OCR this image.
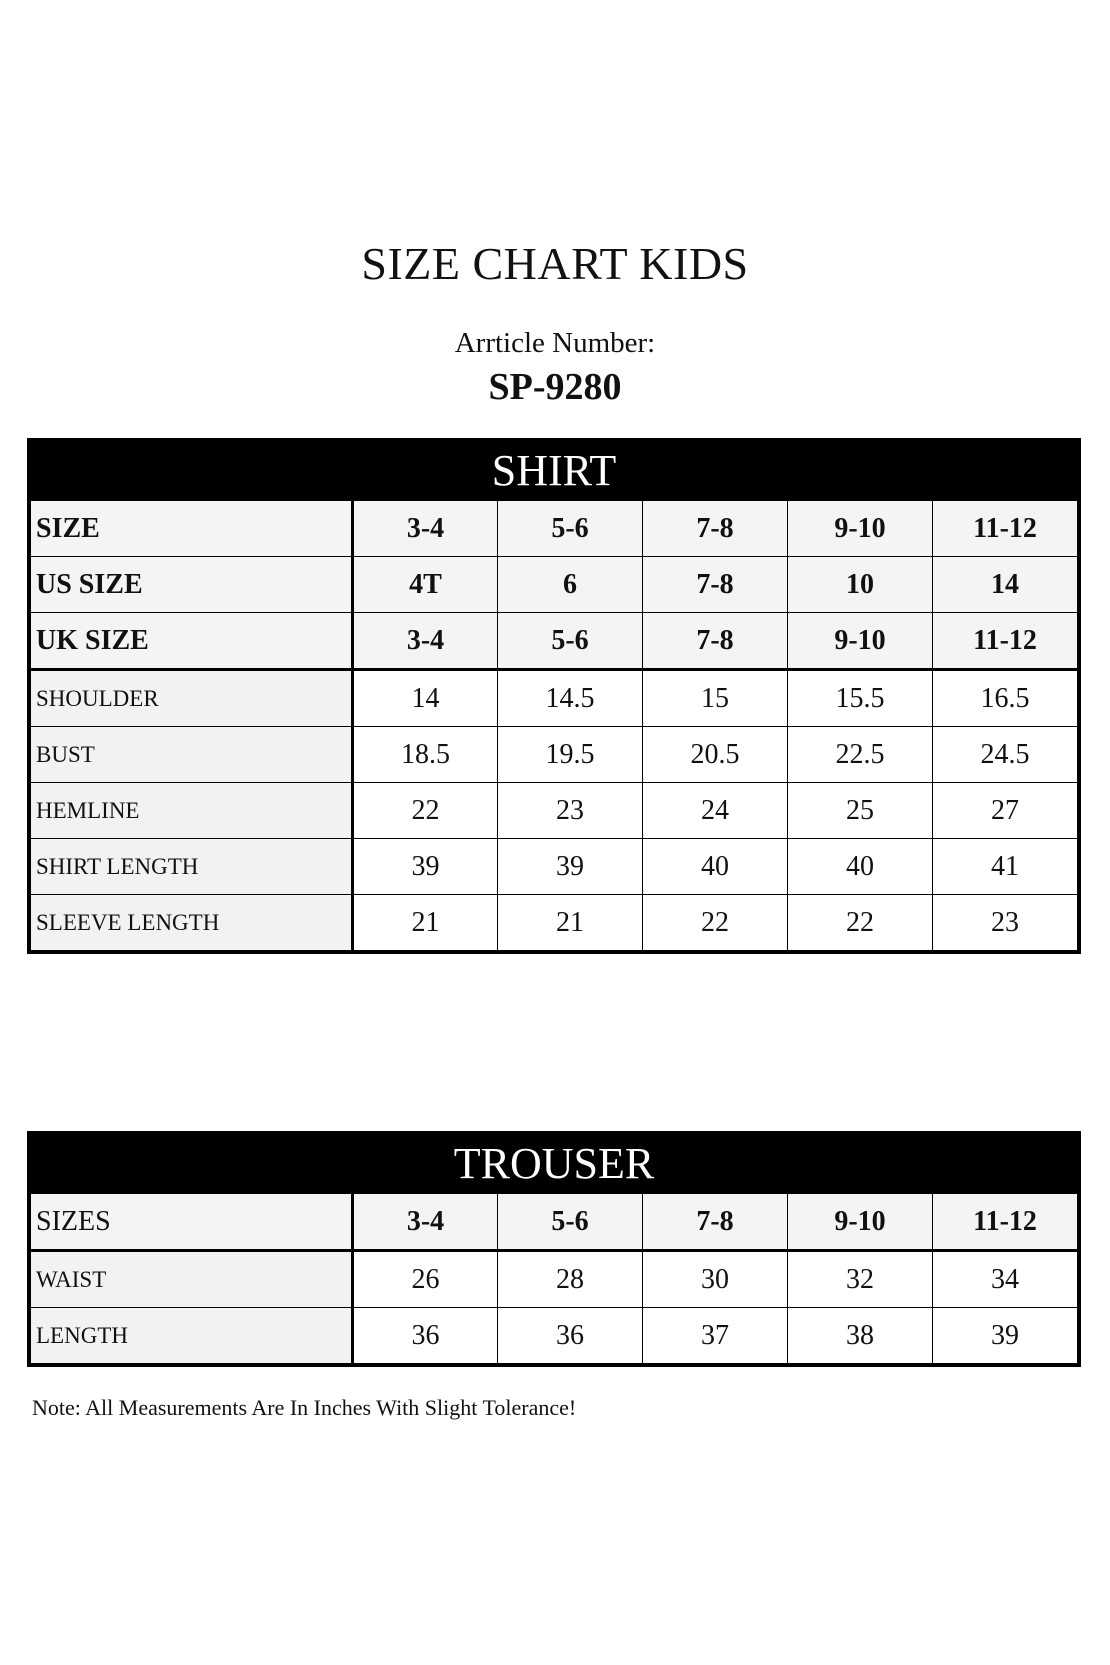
SIZE CHART KIDS
Arrticle Number:
SP-9280
SHIRT
SIZE	3-4	5-6	7-8	9-10	11-12
US SIZE	4T	6	7-8	10	14
UK SIZE	3-4	5-6	7-8	9-10	11-12
SHOULDER	14	14.5	15	15.5	16.5
BUST	18.5	19.5	20.5	22.5	24.5
HEMLINE	22	23	24	25	27
SHIRT LENGTH	39	39	40	40	41
SLEEVE LENGTH	21	21	22	22	23
TROUSER
SIZES	3-4	5-6	7-8	9-10	11-12
WAIST	26	28	30	32	34
LENGTH	36	36	37	38	39
Note: All Measurements Are In Inches With Slight Tolerance!
